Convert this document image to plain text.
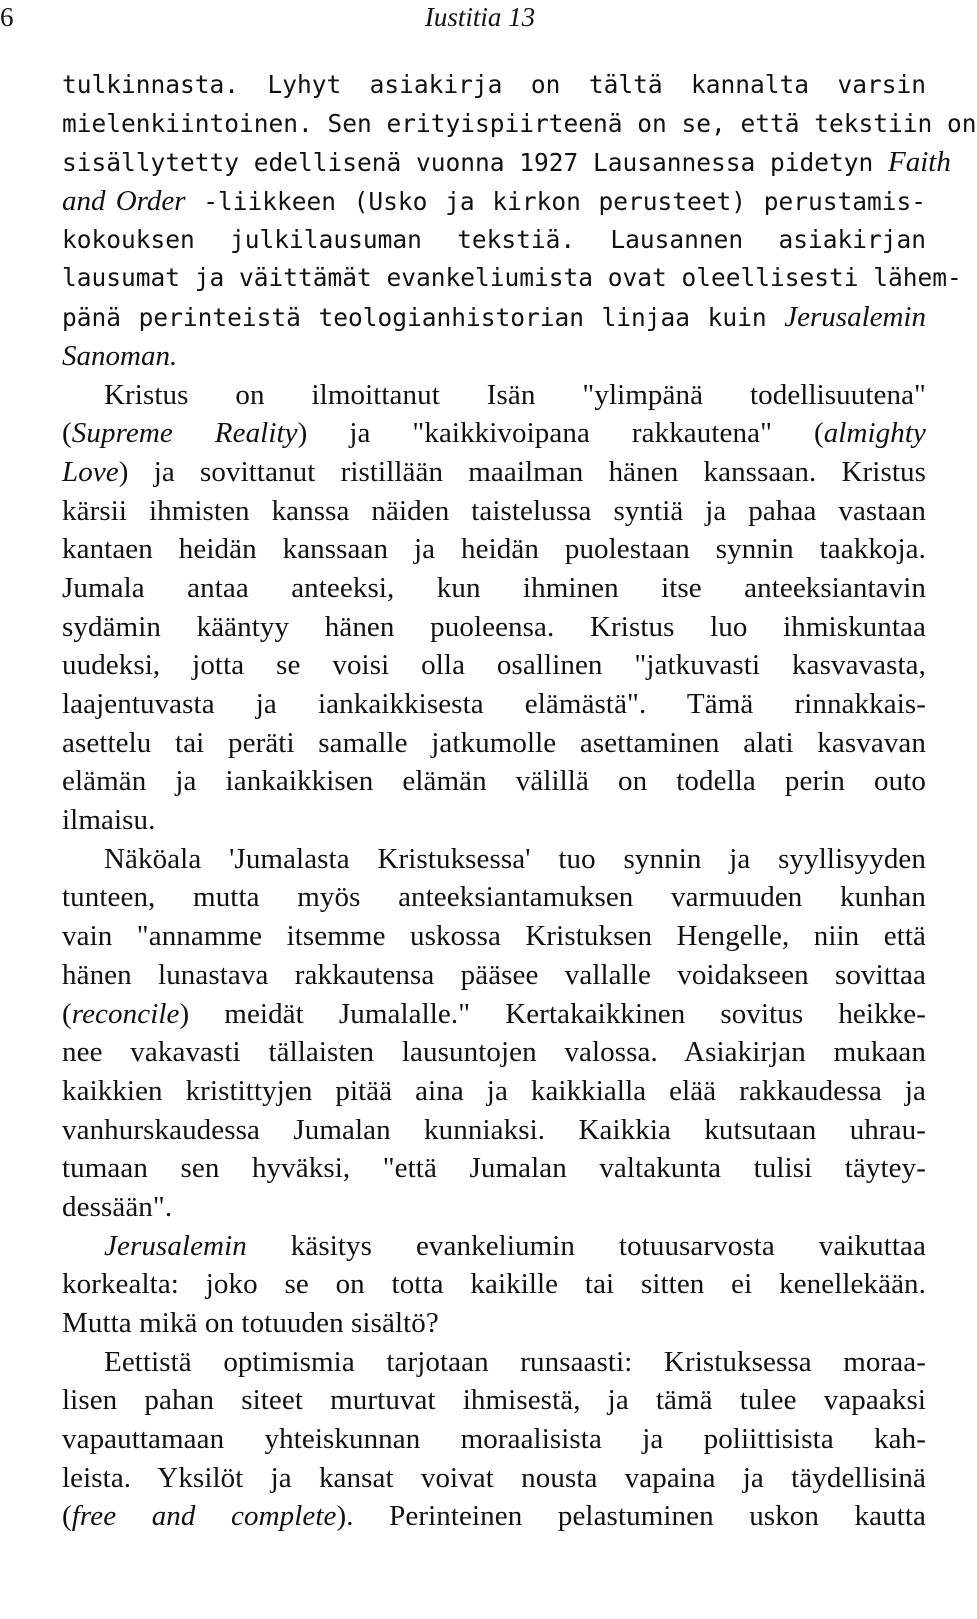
6	Iustitia 13
tulkinnasta. Lyhyt asiakirja on tältä kannalta varsin
mielenkiintoinen. Sen erityispiirteenä on se, että tekstiin on
sisällytetty edellisenä vuonna 1927 Lausannessa pidetyn Faith
and Order -liikkeen (Usko ja kirkon perusteet) perustamis-
kokouksen julkilausuman tekstiä. Lausannen asiakirjan
lausumat ja väittämät evankeliumista ovat oleellisesti lähem-
pänä perinteistä teologianhistorian linjaa kuin Jerusalemin
Sanoman.
Kristus on ilmoittanut Isän "ylimpänä todellisuutena"
(Supreme Reality) ja "kaikkivoipana rakkautena" (almighty
Love) ja sovittanut ristillään maailman hänen kanssaan. Kristus
kärsii ihmisten kanssa näiden taistelussa syntiä ja pahaa vastaan
kantaen heidän kanssaan ja heidän puolestaan synnin taakkoja.
Jumala antaa anteeksi, kun ihminen itse anteeksiantavin
sydämin kääntyy hänen puoleensa. Kristus luo ihmiskuntaa
uudeksi, jotta se voisi olla osallinen "jatkuvasti kasvavasta,
laajentuvasta ja iankaikkisesta elämästä". Tämä rinnakkais-
asettelu tai peräti samalle jatkumolle asettaminen alati kasvavan
elämän ja iankaikkisen elämän välillä on todella perin outo
ilmaisu.
Näköala 'Jumalasta Kristuksessa' tuo synnin ja syyllisyyden
tunteen, mutta myös anteeksiantamuksen varmuuden kunhan
vain "annamme itsemme uskossa Kristuksen Hengelle, niin että
hänen lunastava rakkautensa pääsee vallalle voidakseen sovittaa
(reconcile) meidät Jumalalle." Kertakaikkinen sovitus heikke-
nee vakavasti tällaisten lausuntojen valossa. Asiakirjan mukaan
kaikkien kristittyjen pitää aina ja kaikkialla elää rakkaudessa ja
vanhurskaudessa Jumalan kunniaksi. Kaikkia kutsutaan uhrau-
tumaan sen hyväksi, "että Jumalan valtakunta tulisi täytey-
dessään".
Jerusalemin käsitys evankeliumin totuusarvosta vaikuttaa
korkealta: joko se on totta kaikille tai sitten ei kenellekään.
Mutta mikä on totuuden sisältö?
Eettistä optimismia tarjotaan runsaasti: Kristuksessa moraa-
lisen pahan siteet murtuvat ihmisestä, ja tämä tulee vapaaksi
vapauttamaan yhteiskunnan moraalisista ja poliittisista kah-
leista. Yksilöt ja kansat voivat nousta vapaina ja täydellisinä
(free and complete). Perinteinen pelastuminen uskon kautta
